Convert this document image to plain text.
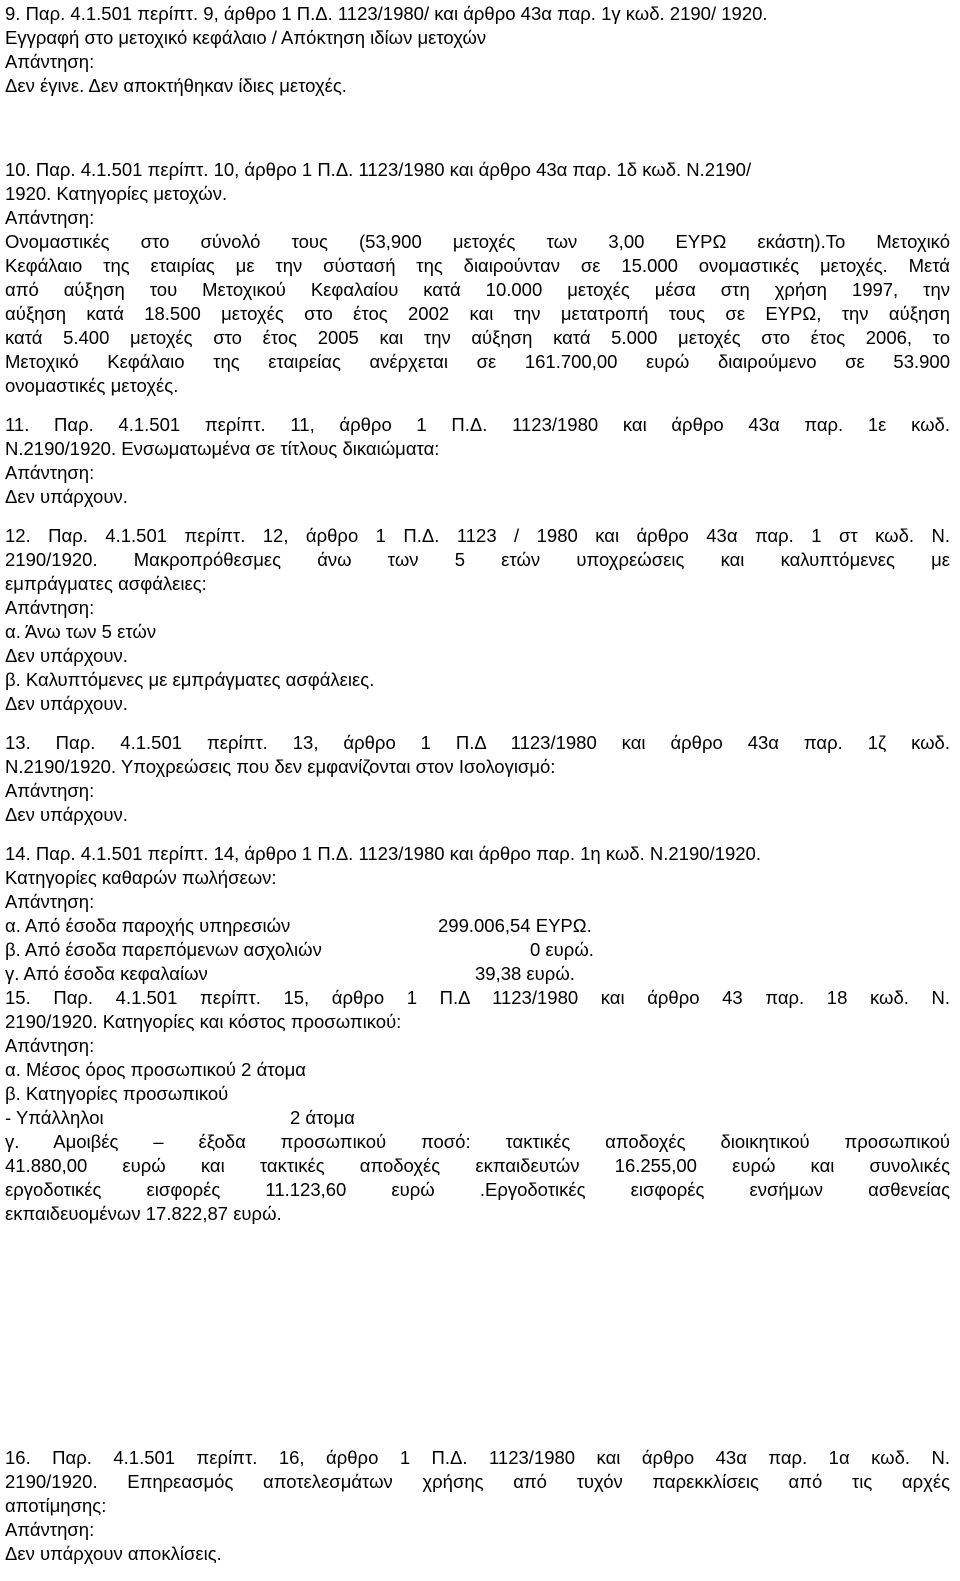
9. Παρ. 4.1.501 περίπτ. 9, άρθρο 1 Π.Δ. 1123/1980/ και άρθρο 43α παρ. 1γ κωδ. 2190/ 1920.
Εγγραφή στο μετοχικό κεφάλαιο / Απόκτηση ιδίων μετοχών
Απάντηση:
Δεν έγινε. Δεν αποκτήθηκαν ίδιες μετοχές.
10. Παρ. 4.1.501 περίπτ. 10, άρθρο 1 Π.Δ. 1123/1980 και άρθρο 43α παρ. 1δ κωδ. Ν.2190/
1920. Κατηγορίες μετοχών.
Απάντηση:
Ονομαστικές στο σύνολό τους (53,900 μετοχές των 3,00 ΕΥΡΩ εκάστη).Το Μετοχικό
Κεφάλαιο της εταιρίας με την σύστασή της διαιρούνταν σε 15.000 ονομαστικές μετοχές. Μετά
από αύξηση του Μετοχικού Κεφαλαίου κατά 10.000 μετοχές μέσα στη χρήση 1997, την
αύξηση κατά 18.500 μετοχές στο έτος 2002 και την μετατροπή τους σε ΕΥΡΩ, την αύξηση
κατά 5.400 μετοχές στο έτος 2005 και την αύξηση κατά 5.000 μετοχές στο έτος 2006, το
Μετοχικό Κεφάλαιο της εταιρείας ανέρχεται σε 161.700,00 ευρώ διαιρούμενο σε 53.900
ονομαστικές μετοχές.
11. Παρ. 4.1.501 περίπτ. 11, άρθρο 1 Π.Δ. 1123/1980 και άρθρο 43α παρ. 1ε κωδ.
Ν.2190/1920. Ενσωματωμένα σε τίτλους δικαιώματα:
Απάντηση:
Δεν υπάρχουν.
12. Παρ. 4.1.501 περίπτ. 12, άρθρο 1 Π.Δ. 1123 / 1980 και άρθρο 43α παρ. 1 στ κωδ. Ν.
2190/1920. Μακροπρόθεσμες άνω των 5 ετών υποχρεώσεις και καλυπτόμενες με
εμπράγματες ασφάλειες:
Απάντηση:
α. Άνω των 5 ετών
Δεν υπάρχουν.
β. Καλυπτόμενες με εμπράγματες ασφάλειες.
Δεν υπάρχουν.
13. Παρ. 4.1.501 περίπτ. 13, άρθρο 1 Π.Δ 1123/1980 και άρθρο 43α παρ. 1ζ κωδ.
Ν.2190/1920. Υποχρεώσεις που δεν εμφανίζονται στον Ισολογισμό:
Απάντηση:
Δεν υπάρχουν.
14. Παρ. 4.1.501 περίπτ. 14, άρθρο 1 Π.Δ. 1123/1980 και άρθρο παρ. 1η κωδ. Ν.2190/1920.
Κατηγορίες καθαρών πωλήσεων:
Απάντηση:
α. Από έσοδα παροχής υπηρεσιών	299.006,54 ΕΥΡΩ.
β. Από έσοδα παρεπόμενων ασχολιών	0 ευρώ.
γ. Από έσοδα κεφαλαίων	39,38 ευρώ.
15. Παρ. 4.1.501 περίπτ. 15, άρθρο 1 Π.Δ 1123/1980 και άρθρο 43 παρ. 18 κωδ. Ν.
2190/1920. Κατηγορίες και κόστος προσωπικού:
Απάντηση:
α. Μέσος όρος προσωπικού 2 άτομα
β. Κατηγορίες προσωπικού
- Υπάλληλοι	2 άτομα
γ. Αμοιβές – έξοδα προσωπικού ποσό: τακτικές αποδοχές διοικητικού προσωπικού
41.880,00 ευρώ και τακτικές αποδοχές εκπαιδευτών 16.255,00 ευρώ και συνολικές
εργοδοτικές εισφορές 11.123,60 ευρώ .Εργοδοτικές εισφορές ενσήμων ασθενείας
εκπαιδευομένων 17.822,87 ευρώ.
16. Παρ. 4.1.501 περίπτ. 16, άρθρο 1 Π.Δ. 1123/1980 και άρθρο 43α παρ. 1α κωδ. Ν.
2190/1920. Επηρεασμός αποτελεσμάτων χρήσης από τυχόν παρεκκλίσεις από τις αρχές
αποτίμησης:
Απάντηση:
Δεν υπάρχουν αποκλίσεις.
